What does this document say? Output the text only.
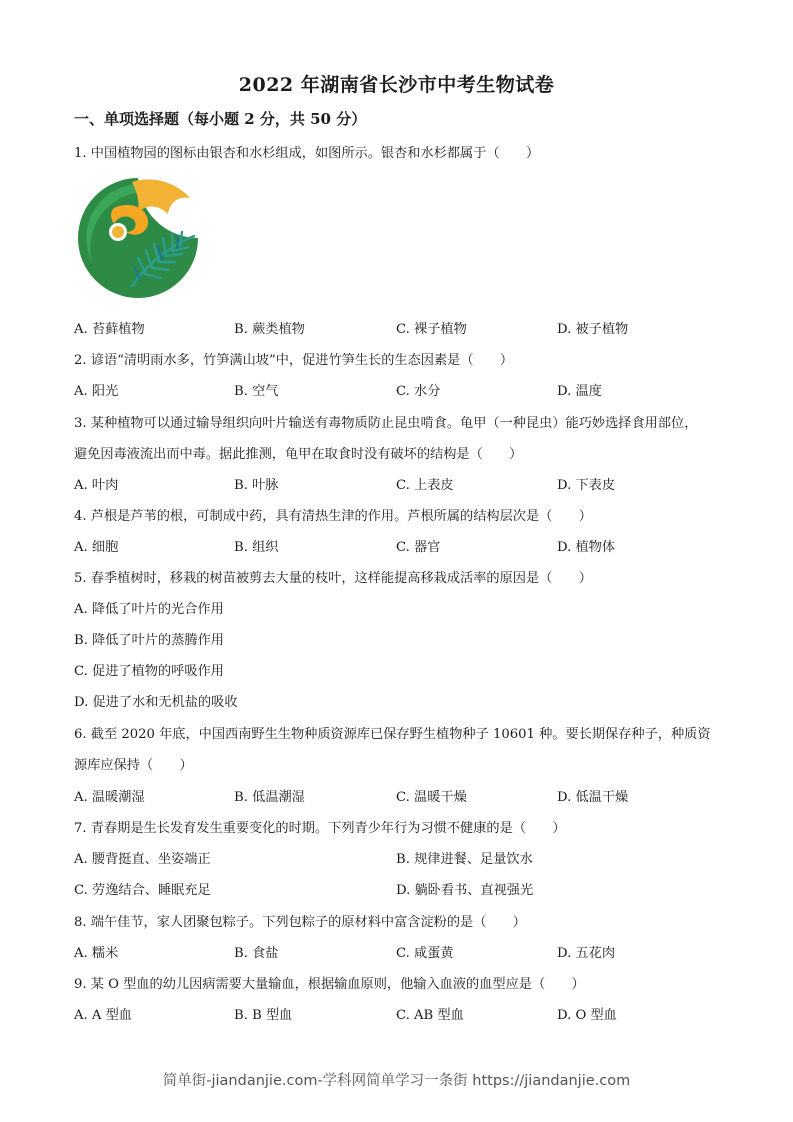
2022 年湖南省长沙市中考生物试卷
一、单项选择题（每小题 2 分，共 50 分）
1. 中国植物园的图标由银杏和水杉组成，如图所示。银杏和水杉都属于（　　）
A. 苔藓植物	B. 蕨类植物	C. 裸子植物	D. 被子植物
2. 谚语“清明雨水多，竹笋满山坡”中，促进竹笋生长的生态因素是（　　）
A. 阳光	B. 空气	C. 水分	D. 温度
3. 某种植物可以通过输导组织向叶片输送有毒物质防止昆虫啃食。龟甲（一种昆虫）能巧妙选择食用部位，
避免因毒液流出而中毒。据此推测，龟甲在取食时没有破坏的结构是（　　）
A. 叶肉	B. 叶脉	C. 上表皮	D. 下表皮
4. 芦根是芦苇的根，可制成中药，具有清热生津的作用。芦根所属的结构层次是（　　）
A. 细胞	B. 组织	C. 器官	D. 植物体
5. 春季植树时，移栽的树苗被剪去大量的枝叶，这样能提高移栽成活率的原因是（　　）
A. 降低了叶片的光合作用
B. 降低了叶片的蒸腾作用
C. 促进了植物的呼吸作用
D. 促进了水和无机盐的吸收
6. 截至 2020 年底，中国西南野生生物种质资源库已保存野生植物种子 10601 种。要长期保存种子，种质资
源库应保持（　　）
A. 温暖潮湿	B. 低温潮湿	C. 温暖干燥	D. 低温干燥
7. 青春期是生长发育发生重要变化的时期。下列青少年行为习惯不健康的是（　　）
A. 腰背挺直、坐姿端正	B. 规律进餐、足量饮水
C. 劳逸结合、睡眠充足	D. 躺卧看书、直视强光
8. 端午佳节，家人团聚包粽子。下列包粽子的原材料中富含淀粉的是（　　）
A. 糯米	B. 食盐	C. 咸蛋黄	D. 五花肉
9. 某 O 型血的幼儿因病需要大量输血，根据输血原则，他输入血液的血型应是（　　）
A. A 型血	B. B 型血	C. AB 型血	D. O 型血
简单街-jiandanjie.com-学科网简单学习一条街 https://jiandanjie.com
